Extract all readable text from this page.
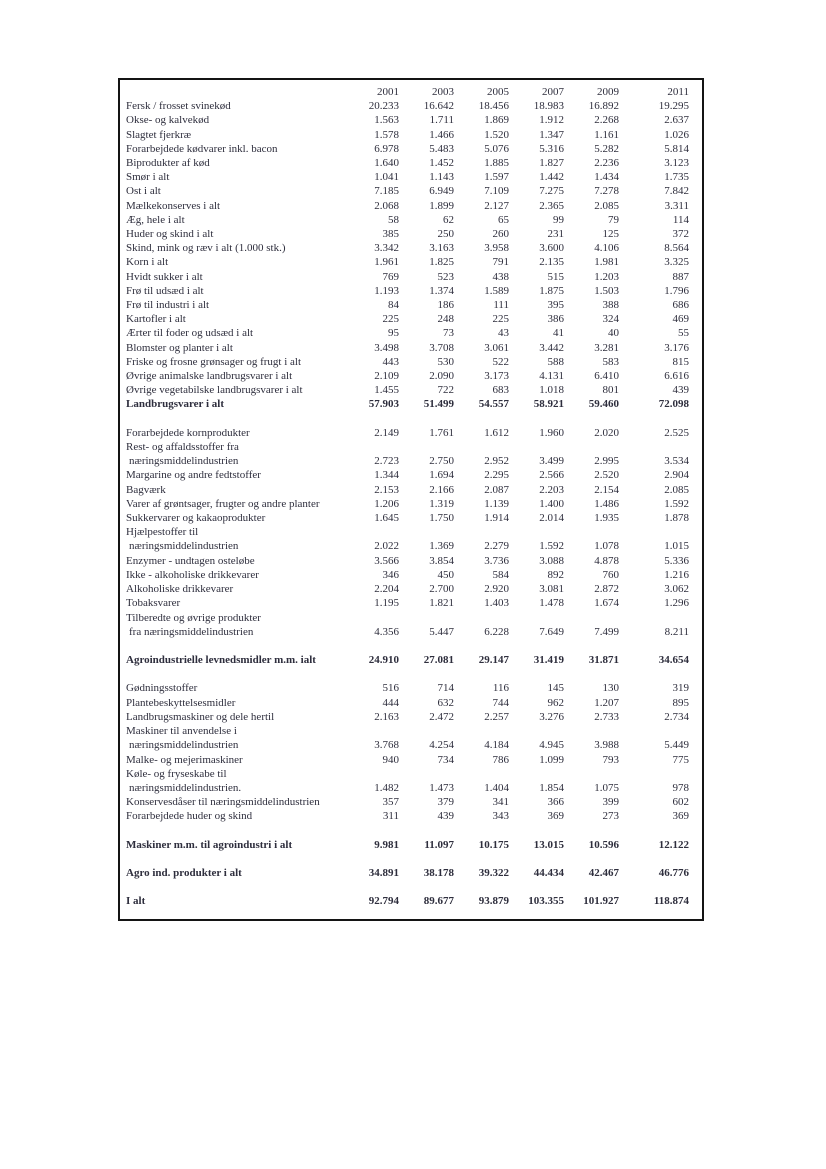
	2001	2003	2005	2007	2009	2011
Fersk / frosset svinekød	20.233	16.642	18.456	18.983	16.892	19.295
Okse- og kalvekød	1.563	1.711	1.869	1.912	2.268	2.637
Slagtet fjerkræ	1.578	1.466	1.520	1.347	1.161	1.026
Forarbejdede kødvarer inkl. bacon	6.978	5.483	5.076	5.316	5.282	5.814
Biprodukter af kød	1.640	1.452	1.885	1.827	2.236	3.123
Smør i alt	1.041	1.143	1.597	1.442	1.434	1.735
Ost i alt	7.185	6.949	7.109	7.275	7.278	7.842
Mælkekonserves i alt	2.068	1.899	2.127	2.365	2.085	3.311
Æg, hele i alt	58	62	65	99	79	114
Huder og skind i alt	385	250	260	231	125	372
Skind, mink og ræv i alt (1.000 stk.)	3.342	3.163	3.958	3.600	4.106	8.564
Korn i alt	1.961	1.825	791	2.135	1.981	3.325
Hvidt sukker i alt	769	523	438	515	1.203	887
Frø til udsæd i alt	1.193	1.374	1.589	1.875	1.503	1.796
Frø til industri i alt	84	186	111	395	388	686
Kartofler i alt	225	248	225	386	324	469
Ærter til foder og udsæd i alt	95	73	43	41	40	55
Blomster og planter i alt	3.498	3.708	3.061	3.442	3.281	3.176
Friske og frosne grønsager og frugt i alt	443	530	522	588	583	815
Øvrige animalske landbrugsvarer i alt	2.109	2.090	3.173	4.131	6.410	6.616
Øvrige vegetabilske landbrugsvarer i alt	1.455	722	683	1.018	801	439
Landbrugsvarer i alt	57.903	51.499	54.557	58.921	59.460	72.098

Forarbejdede kornprodukter	2.149	1.761	1.612	1.960	2.020	2.525
Rest- og affaldsstoffer fra						
næringsmiddelindustrien	2.723	2.750	2.952	3.499	2.995	3.534
Margarine og andre fedtstoffer	1.344	1.694	2.295	2.566	2.520	2.904
Bagværk	2.153	2.166	2.087	2.203	2.154	2.085
Varer af grøntsager, frugter og andre planter	1.206	1.319	1.139	1.400	1.486	1.592
Sukkervarer og kakaoprodukter	1.645	1.750	1.914	2.014	1.935	1.878
Hjælpestoffer til						
næringsmiddelindustrien	2.022	1.369	2.279	1.592	1.078	1.015
Enzymer - undtagen osteløbe	3.566	3.854	3.736	3.088	4.878	5.336
Ikke - alkoholiske drikkevarer	346	450	584	892	760	1.216
Alkoholiske drikkevarer	2.204	2.700	2.920	3.081	2.872	3.062
Tobaksvarer	1.195	1.821	1.403	1.478	1.674	1.296
Tilberedte og øvrige produkter						
fra næringsmiddelindustrien	4.356	5.447	6.228	7.649	7.499	8.211

Agroindustrielle levnedsmidler m.m. ialt	24.910	27.081	29.147	31.419	31.871	34.654

Gødningsstoffer	516	714	116	145	130	319
Plantebeskyttelsesmidler	444	632	744	962	1.207	895
Landbrugsmaskiner og dele hertil	2.163	2.472	2.257	3.276	2.733	2.734
Maskiner til anvendelse i						
næringsmiddelindustrien	3.768	4.254	4.184	4.945	3.988	5.449
Malke- og mejerimaskiner	940	734	786	1.099	793	775
Køle- og fryseskabe til						
næringsmiddelindustrien.	1.482	1.473	1.404	1.854	1.075	978
Konservesdåser til næringsmiddelindustrien	357	379	341	366	399	602
Forarbejdede huder og skind	311	439	343	369	273	369

Maskiner m.m. til agroindustri i alt	9.981	11.097	10.175	13.015	10.596	12.122

Agro ind. produkter i alt	34.891	38.178	39.322	44.434	42.467	46.776

I alt	92.794	89.677	93.879	103.355	101.927	118.874
